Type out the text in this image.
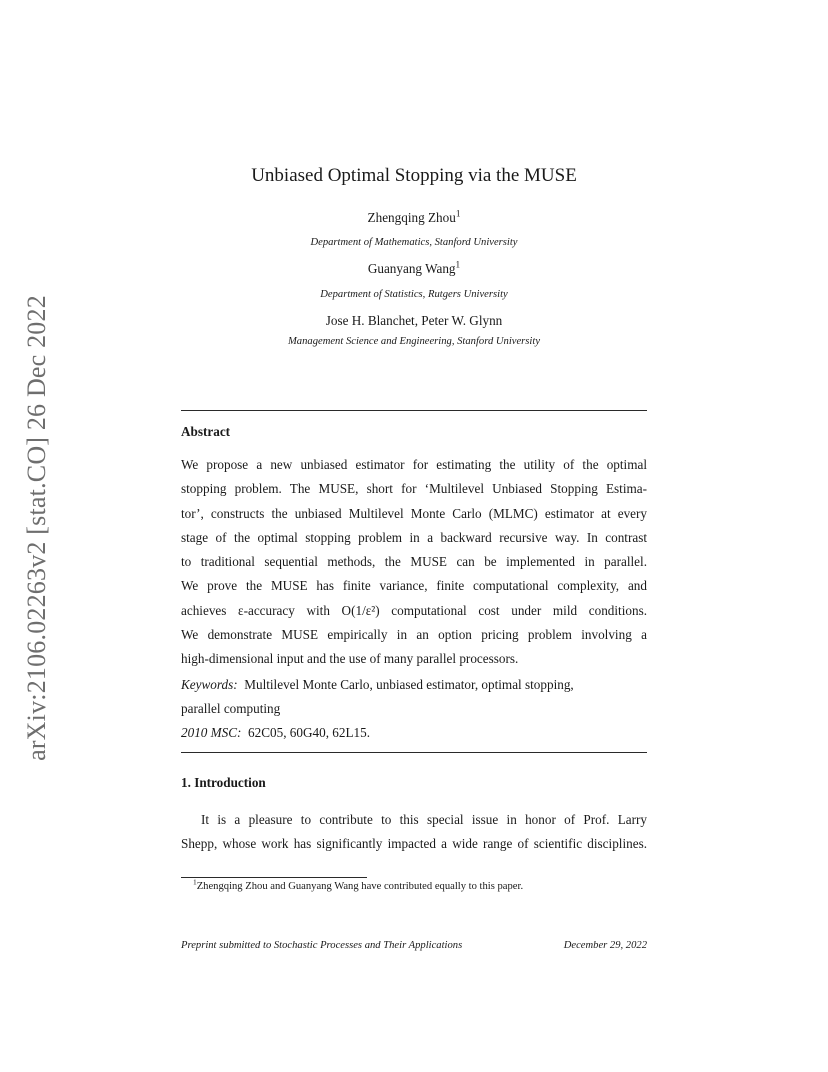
arXiv:2106.02263v2 [stat.CO] 26 Dec 2022
Unbiased Optimal Stopping via the MUSE
Zhengqing Zhou$^1$
Department of Mathematics, Stanford University
Guanyang Wang$^1$
Department of Statistics, Rutgers University
Jose H. Blanchet, Peter W. Glynn
Management Science and Engineering, Stanford University
Abstract
We propose a new unbiased estimator for estimating the utility of the optimal
stopping problem. The MUSE, short for ‘Multilevel Unbiased Stopping Estima-
tor’, constructs the unbiased Multilevel Monte Carlo (MLMC) estimator at every
stage of the optimal stopping problem in a backward recursive way. In contrast
to traditional sequential methods, the MUSE can be implemented in parallel.
We prove the MUSE has finite variance, finite computational complexity, and
achieves ε-accuracy with O(1/ε²) computational cost under mild conditions.
We demonstrate MUSE empirically in an option pricing problem involving a
high-dimensional input and the use of many parallel processors.
Keywords: Multilevel Monte Carlo, unbiased estimator, optimal stopping,
parallel computing
2010 MSC: 62C05, 60G40, 62L15.
1. Introduction
It is a pleasure to contribute to this special issue in honor of Prof. Larry
Shepp, whose work has significantly impacted a wide range of scientific disciplines.
$^1$Zhengqing Zhou and Guanyang Wang have contributed equally to this paper.
Preprint submitted to Stochastic Processes and Their Applications	December 29, 2022
